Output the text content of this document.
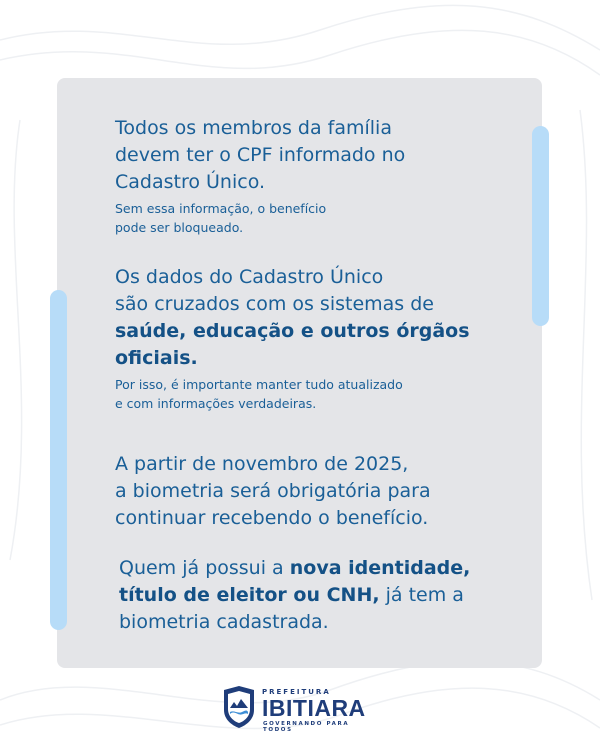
Todos os membros da família
devem ter o CPF informado no
Cadastro Único.

Sem essa informação, o benefício
pode ser bloqueado.

Os dados do Cadastro Único
são cruzados com os sistemas de
saúde, educação e outros órgãos
oficiais.

Por isso, é importante manter tudo atualizado
e com informações verdadeiras.

A partir de novembro de 2025,
a biometria será obrigatória para
continuar recebendo o benefício.

Quem já possui a nova identidade,
título de eleitor ou CNH, já tem a
biometria cadastrada.

PREFEITURA
IBITIARA
GOVERNANDO PARA TODOS
